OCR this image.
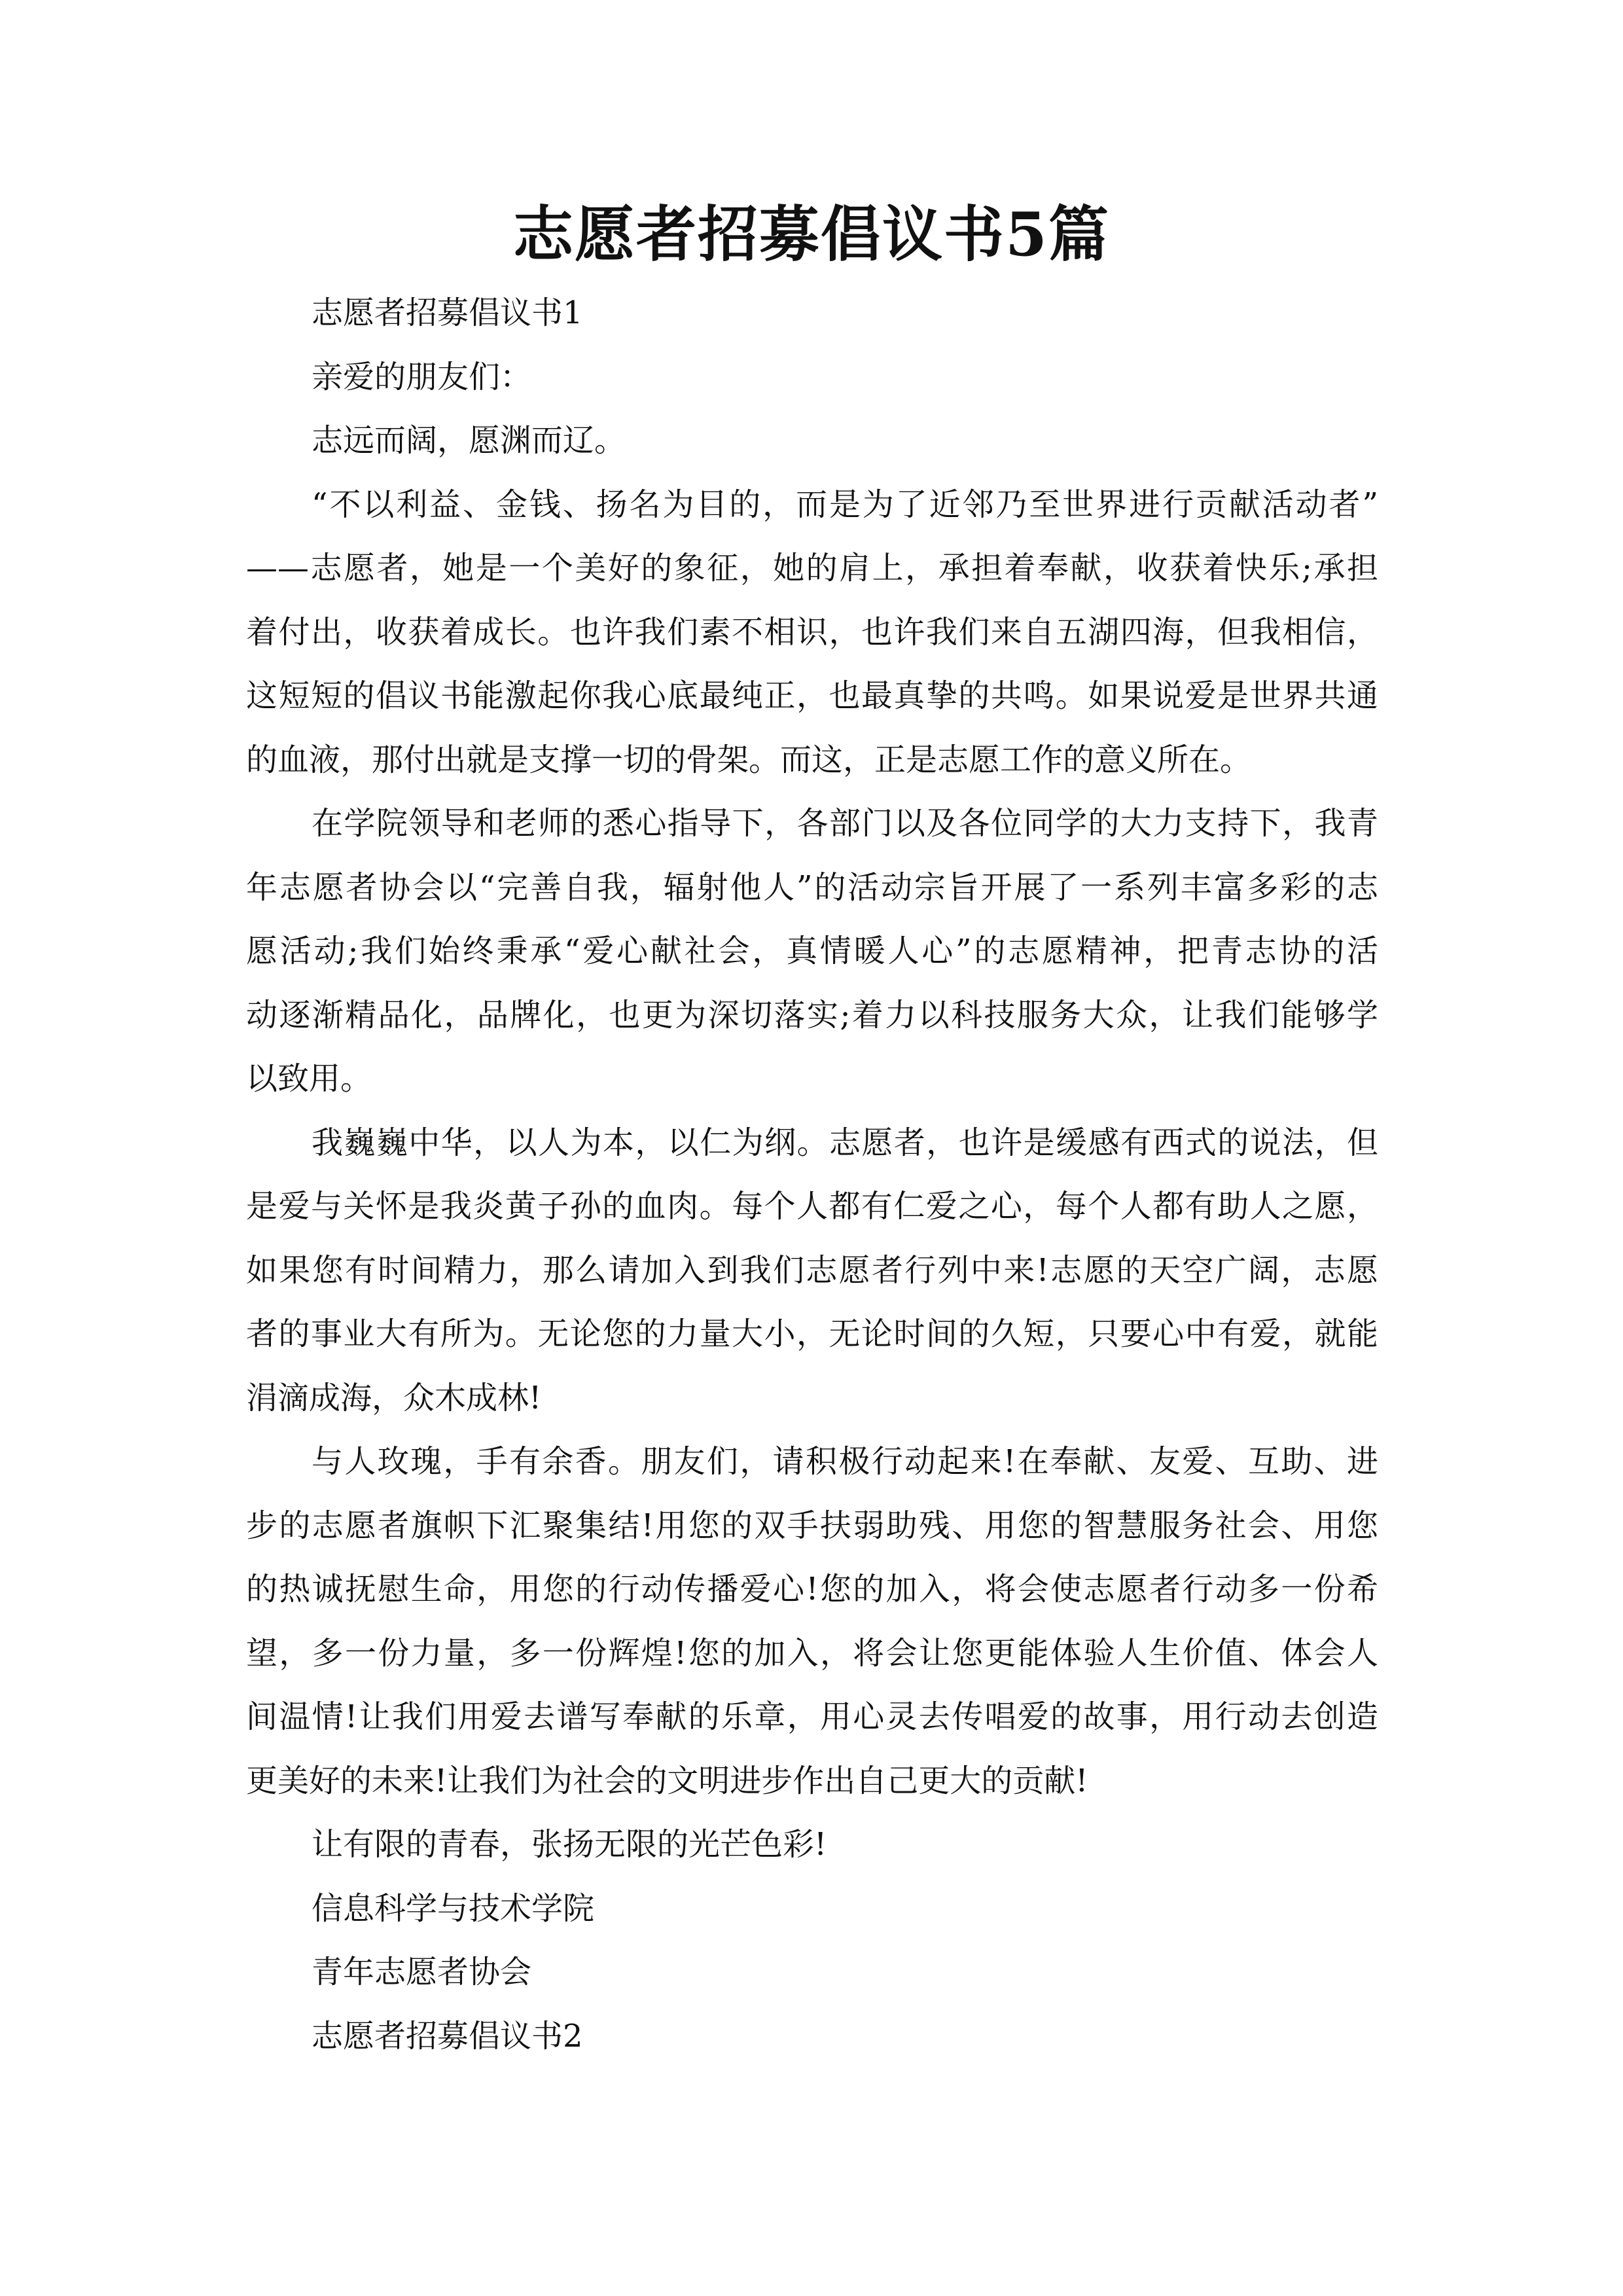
志愿者招募倡议书5篇
志愿者招募倡议书1
亲爱的朋友们：
志远而阔，愿渊而辽。
“不以利益、金钱、扬名为目的，而是为了近邻乃至世界进行贡献活动者”
——志愿者，她是一个美好的象征，她的肩上，承担着奉献，收获着快乐;承担
着付出，收获着成长。也许我们素不相识，也许我们来自五湖四海，但我相信，
这短短的倡议书能激起你我心底最纯正，也最真挚的共鸣。如果说爱是世界共通
的血液，那付出就是支撑一切的骨架。而这，正是志愿工作的意义所在。
在学院领导和老师的悉心指导下，各部门以及各位同学的大力支持下，我青
年志愿者协会以“完善自我，辐射他人”的活动宗旨开展了一系列丰富多彩的志
愿活动;我们始终秉承“爱心献社会，真情暖人心”的志愿精神，把青志协的活
动逐渐精品化，品牌化，也更为深切落实;着力以科技服务大众，让我们能够学
以致用。
我巍巍中华，以人为本，以仁为纲。志愿者，也许是缓感有西式的说法，但
是爱与关怀是我炎黄子孙的血肉。每个人都有仁爱之心，每个人都有助人之愿，
如果您有时间精力，那么请加入到我们志愿者行列中来!志愿的天空广阔，志愿
者的事业大有所为。无论您的力量大小，无论时间的久短，只要心中有爱，就能
涓滴成海，众木成林!
与人玫瑰，手有余香。朋友们，请积极行动起来!在奉献、友爱、互助、进
步的志愿者旗帜下汇聚集结!用您的双手扶弱助残、用您的智慧服务社会、用您
的热诚抚慰生命，用您的行动传播爱心!您的加入，将会使志愿者行动多一份希
望，多一份力量，多一份辉煌!您的加入，将会让您更能体验人生价值、体会人
间温情!让我们用爱去谱写奉献的乐章，用心灵去传唱爱的故事，用行动去创造
更美好的未来!让我们为社会的文明进步作出自己更大的贡献!
让有限的青春，张扬无限的光芒色彩!
信息科学与技术学院
青年志愿者协会
志愿者招募倡议书2
